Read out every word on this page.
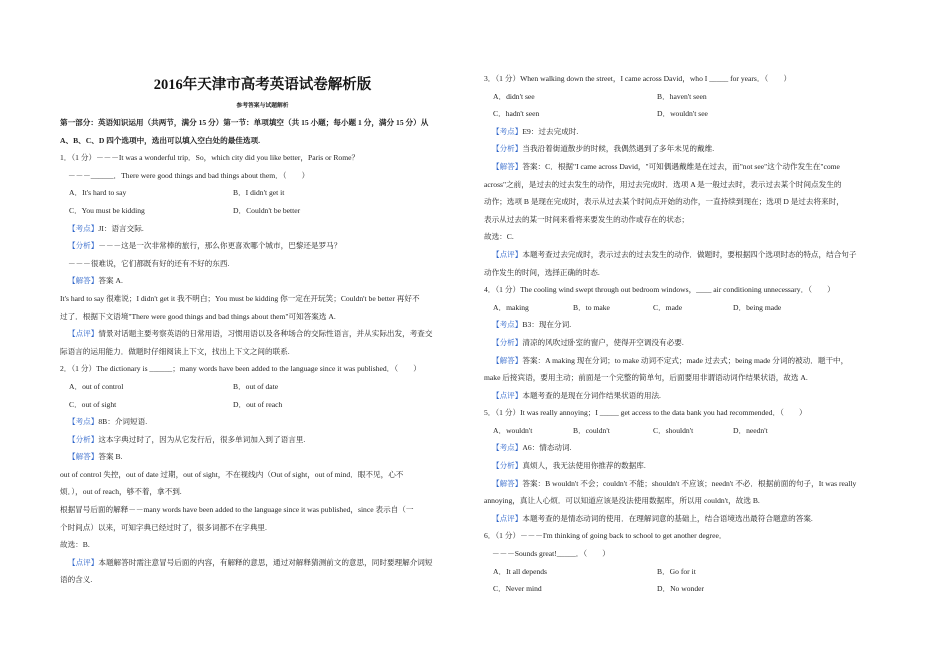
2016年天津市高考英语试卷解析版
参考答案与试题解析
第一部分：英语知识运用（共两节，满分 15 分）第一节：单项填空（共 15 小题；每小题 1 分，满分 15 分）从
A、B、C、D 四个选项中，选出可以填入空白处的最佳选项.
1．（1 分）－－－It was a wonderful trip．So，which city did you like better，Paris or Rome？
－－－______．There were good things and bad things about them．（　　）
A．It's hard to say	B．I didn't get it
C．You must be kidding	D．Couldn't be better
【考点】JI：语言交际.
【分析】－－－这是一次非常棒的旅行，那么你更喜欢哪个城市，巴黎还是罗马？
－－－很难说，它们都既有好的还有不好的东西.
【解答】答案 A.
It's hard to say 很难说；I didn't get it 我不明白；You must be kidding 你一定在开玩笑；Couldn't be better 再好不
过了．根据下文语境"There were good things and bad things about them"可知答案选 A.
【点评】情景对话题主要考察英语的日常用语，习惯用语以及各种场合的交际性语言，并从实际出发，考查交
际语言的运用能力．做题时仔细阅读上下文，找出上下文之间的联系.
2．（1 分）The dictionary is ______；many words have been added to the language since it was published．（　　）
A．out of control	B．out of date
C．out of sight	D．out of reach
【考点】8B：介词短语.
【分析】这本字典过时了，因为从它发行后，很多单词加入到了语言里.
【解答】答案 B.
out of control 失控，out of date 过期，out of sight，不在视线内（Out of sight，out of mind．眼不见，心不
烦．），out of reach，够不着，拿不到.
根据冒号后面的解释－－many words have been added to the language since it was published，since 表示自（一
个时间点）以来，可知字典已经过时了，很多词都不在字典里.
故选：B.
【点评】本题解答时需注意冒号后面的内容，有解释的意思，通过对解释猜测前文的意思，同时要理解介词短
语的含义.
3．（1 分）When walking down the street，I came across David，who I _____ for years．（　　）
A．didn't see	B．haven't seen
C．hadn't seen	D．wouldn't see
【考点】E9：过去完成时.
【分析】当我沿着街道散步的时候，我偶然遇到了多年未见的戴维.
【解答】答案：C．根据"I came across David，"可知偶遇戴维是在过去，而"not see"这个动作发生在"come
across"之前，是过去的过去发生的动作，用过去完成时．选项 A 是一般过去时，表示过去某个时间点发生的
动作；选项 B 是现在完成时，表示从过去某个时间点开始的动作，一直持续到现在；选项 D 是过去将来时，
表示从过去的某一时间来看将来要发生的动作或存在的状态；
故选：C.
【点评】本题考查过去完成时，表示过去的过去发生的动作．做题时，要根据四个选项时态的特点，结合句子
动作发生的时间，选择正确的时态.
4．（1 分）The cooling wind swept through out bedroom windows，____ air conditioning unnecessary．（　　）
A．making	B．to make	C．made	D．being made
【考点】B3：现在分词.
【分析】清凉的风吹过卧室的窗户，使得开空调没有必要.
【解答】答案：A making 现在分词；to make 动词不定式；made 过去式；being made 分词的被动．题干中，
make 后接宾语，要用主动；前面是一个完整的简单句，后面要用非谓语动词作结果状语，故选 A.
【点评】本题考查的是现在分词作结果状语的用法.
5．（1 分）It was really annoying；I _____ get access to the data bank you had recommended．（　　）
A．wouldn't	B．couldn't	C．shouldn't	D．needn't
【考点】A6：情态动词.
【分析】真烦人，我无法使用你推荐的数据库.
【解答】答案：B wouldn't 不会；couldn't 不能；shouldn't 不应该；needn't 不必．根据前面的句子，It was really
annoying，真让人心烦．可以知道应该是没法使用数据库，所以用 couldn't，故选 B.
【点评】本题考查的是情态动词的使用．在理解词意的基础上，结合语境选出最符合题意的答案.
6．（1 分）－－－I'm thinking of going back to school to get another degree．
－－－Sounds great!_____．（　　）
A．It all depends	B．Go for it
C．Never mind	D．No wonder
